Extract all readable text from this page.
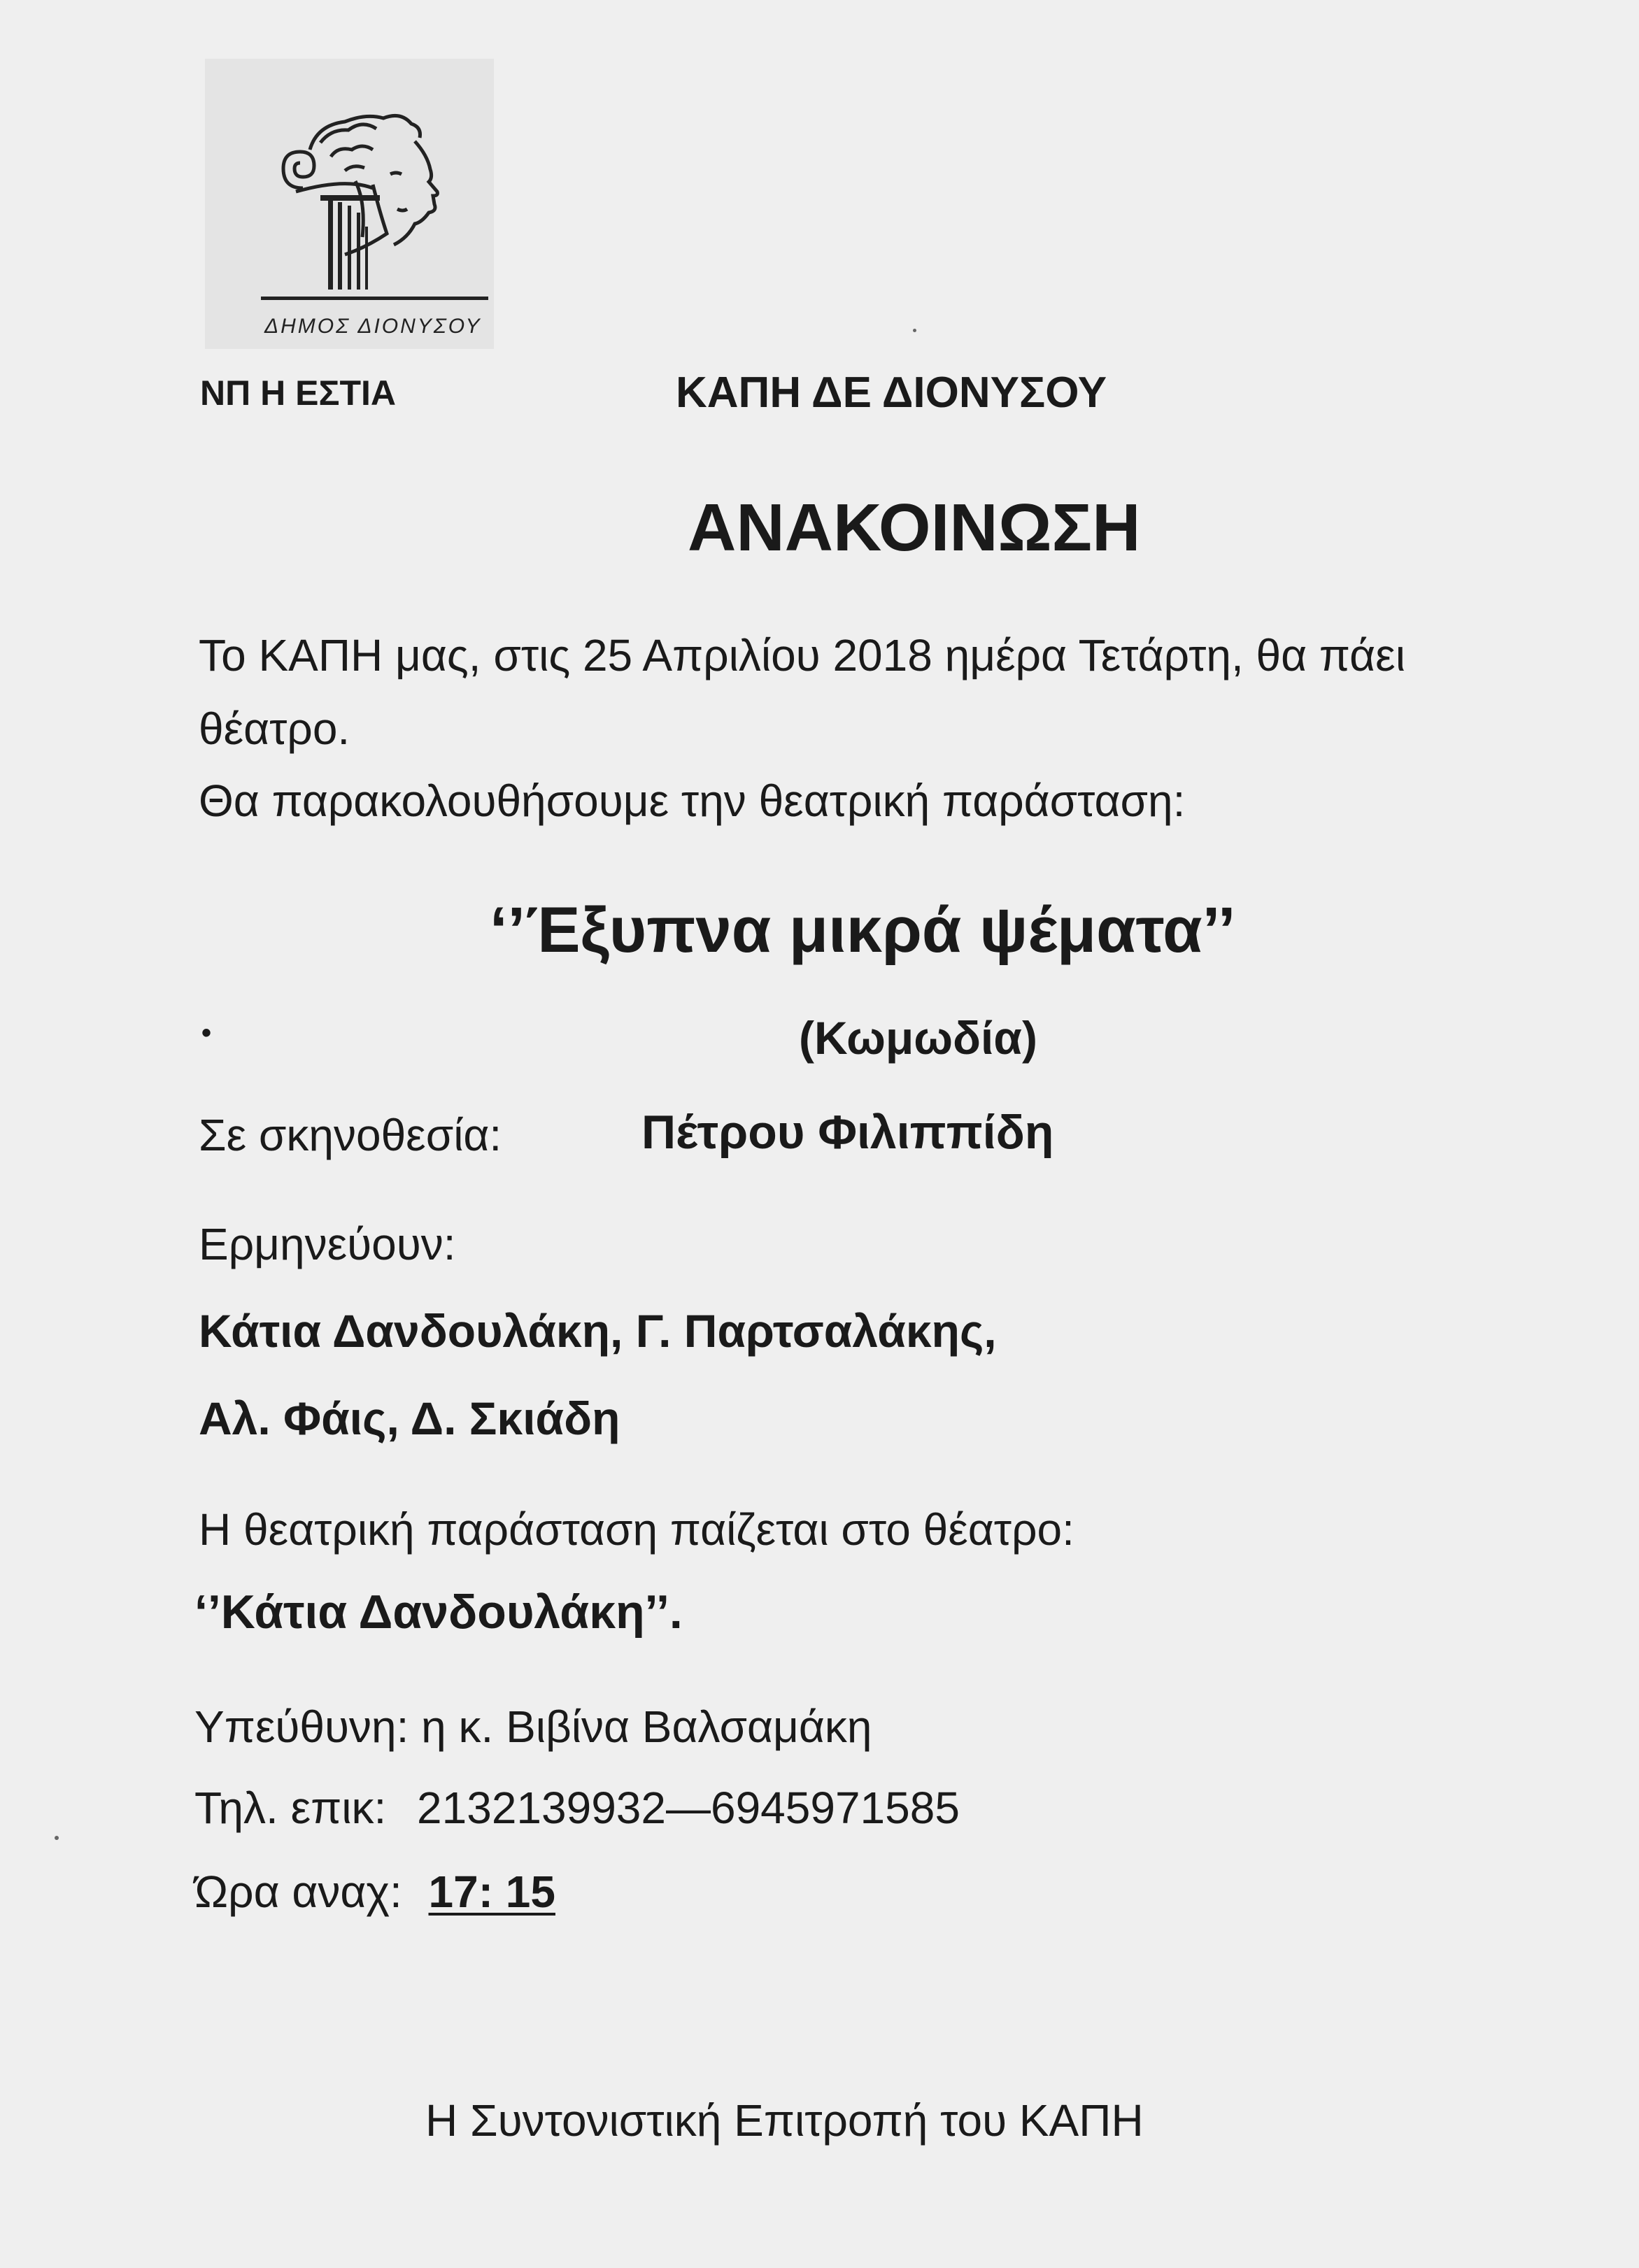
ΔΗΜΟΣ ΔΙΟΝΥΣΟΥ
ΝΠ Η ΕΣΤΙΑ	ΚΑΠΗ ΔΕ ΔΙΟΝΥΣΟΥ
ΑΝΑΚΟΙΝΩΣΗ
Το ΚΑΠΗ μας, στις 25 Απριλίου 2018 ημέρα Τετάρτη, θα πάει
θέατρο.
Θα παρακολουθήσουμε την θεατρική παράσταση:
‘’Έξυπνα μικρά ψέματα’’
•	(Κωμωδία)
Σε σκηνοθεσία:	Πέτρου Φιλιππίδη
Ερμηνεύουν:
Κάτια Δανδουλάκη, Γ. Παρτσαλάκης,
Αλ. Φάις, Δ. Σκιάδη
Η θεατρική παράσταση παίζεται στο θέατρο:
‘’Κάτια Δανδουλάκη’’.
Υπεύθυνη: η κ. Βιβίνα Βαλσαμάκη
Τηλ. επικ: 2132139932—6945971585
Ώρα αναχ: 17: 15
Η Συντονιστική Επιτροπή του ΚΑΠΗ
